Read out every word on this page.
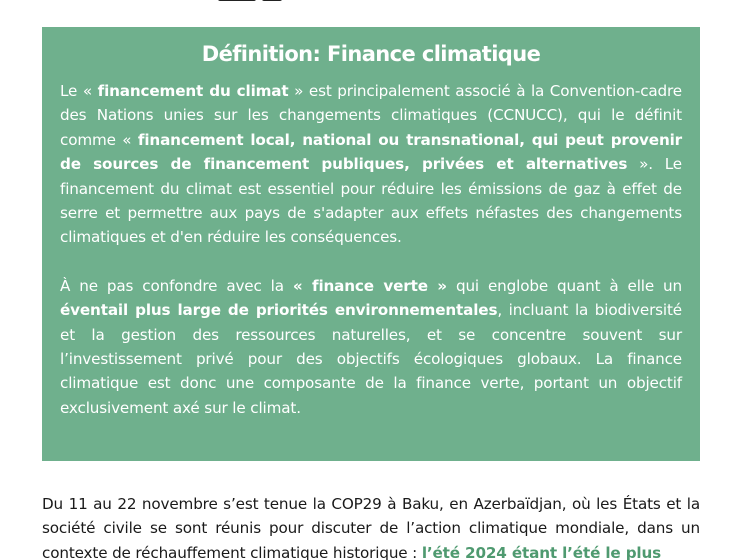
Définition: Finance climatique

Le « financement du climat » est principalement associé à la Convention-cadre des Nations unies sur les changements climatiques (CCNUCC), qui le définit comme « financement local, national ou transnational, qui peut provenir de sources de financement publiques, privées et alternatives ». Le financement du climat est essentiel pour réduire les émissions de gaz à effet de serre et permettre aux pays de s'adapter aux effets néfastes des changements climatiques et d'en réduire les conséquences.

À ne pas confondre avec la « finance verte » qui englobe quant à elle un éventail plus large de priorités environnementales, incluant la biodiversité et la gestion des ressources naturelles, et se concentre souvent sur l’investissement privé pour des objectifs écologiques globaux. La finance climatique est donc une composante de la finance verte, portant un objectif exclusivement axé sur le climat.

Du 11 au 22 novembre s’est tenue la COP29 à Baku, en Azerbaïdjan, où les États et la société civile se sont réunis pour discuter de l’action climatique mondiale, dans un contexte de réchauffement climatique historique : l’été 2024 étant l’été le plus
